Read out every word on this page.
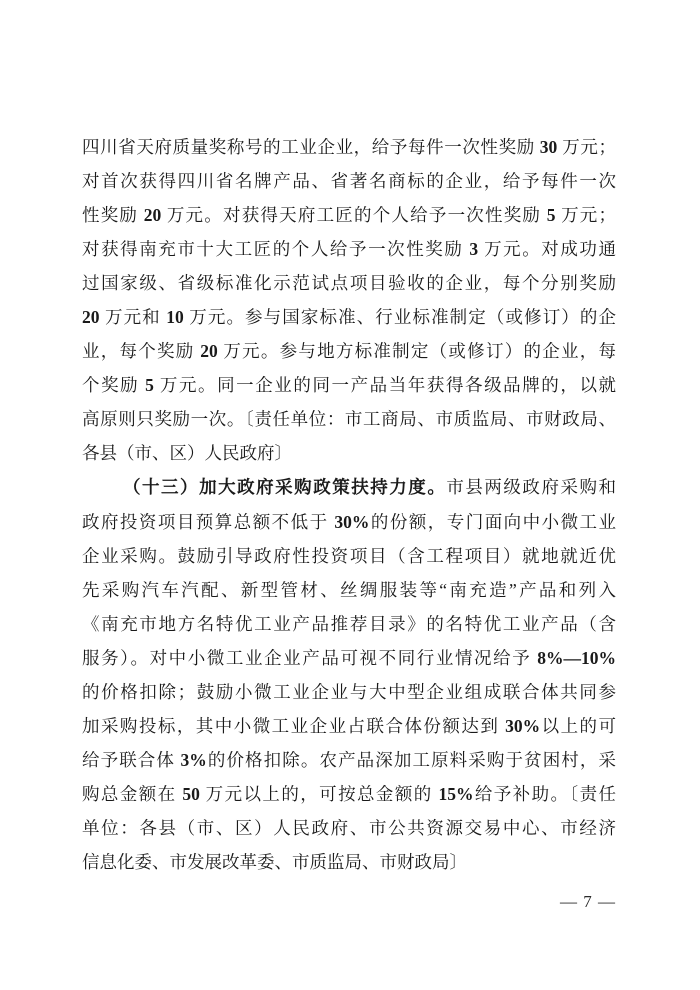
四川省天府质量奖称号的工业企业，给予每件一次性奖励 30 万元；
对首次获得四川省名牌产品、省著名商标的企业，给予每件一次
性奖励 20 万元。对获得天府工匠的个人给予一次性奖励 5 万元；
对获得南充市十大工匠的个人给予一次性奖励 3 万元。对成功通
过国家级、省级标准化示范试点项目验收的企业，每个分别奖励
20 万元和 10 万元。参与国家标准、行业标准制定（或修订）的企
业，每个奖励 20 万元。参与地方标准制定（或修订）的企业，每
个奖励 5 万元。同一企业的同一产品当年获得各级品牌的，以就
高原则只奖励一次。〔责任单位：市工商局、市质监局、市财政局、
各县（市、区）人民政府〕
（十三）加大政府采购政策扶持力度。市县两级政府采购和
政府投资项目预算总额不低于 30%的份额，专门面向中小微工业
企业采购。鼓励引导政府性投资项目（含工程项目）就地就近优
先采购汽车汽配、新型管材、丝绸服装等“南充造”产品和列入
《南充市地方名特优工业产品推荐目录》的名特优工业产品（含
服务）。对中小微工业企业产品可视不同行业情况给予 8%—10%
的价格扣除；鼓励小微工业企业与大中型企业组成联合体共同参
加采购投标，其中小微工业企业占联合体份额达到 30%以上的可
给予联合体 3%的价格扣除。农产品深加工原料采购于贫困村，采
购总金额在 50 万元以上的，可按总金额的 15%给予补助。〔责任
单位：各县（市、区）人民政府、市公共资源交易中心、市经济
信息化委、市发展改革委、市质监局、市财政局〕
— 7 —
